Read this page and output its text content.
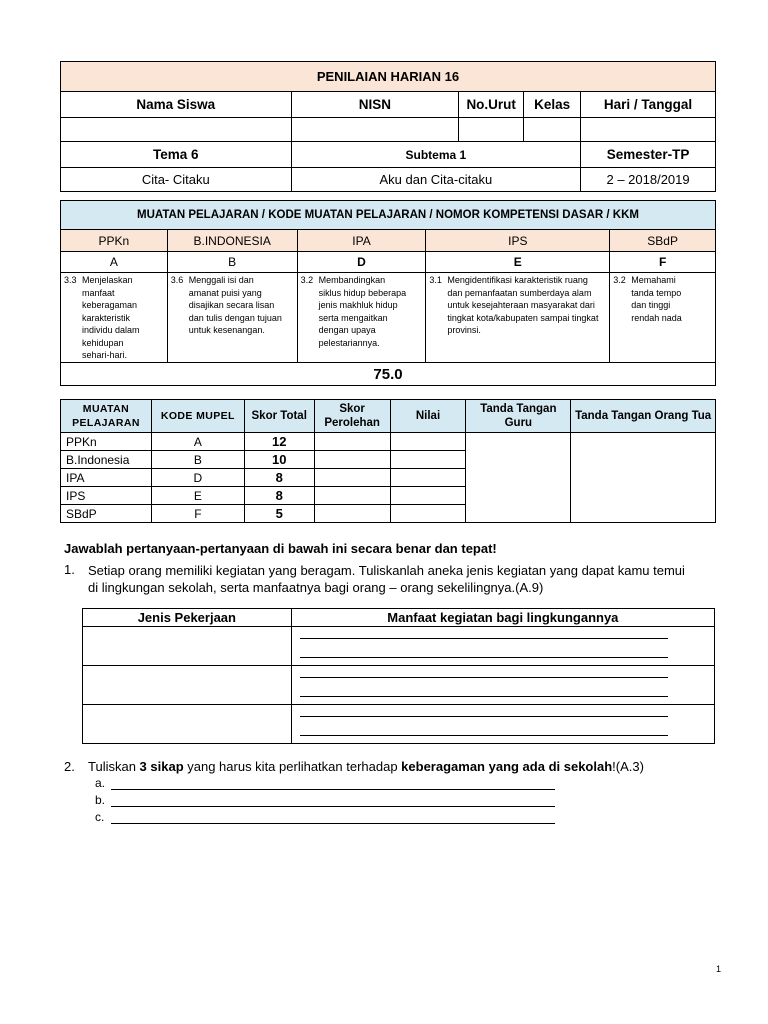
PENILAIAN HARIAN 16				
Nama Siswa	NISN	No.Urut	Kelas	Hari / Tanggal

Tema 6	Subtema 1			Semester-TP
Cita- Citaku	Aku dan Cita-citaku			2 – 2018/2019
MUATAN PELAJARAN / KODE MUATAN PELAJARAN / NOMOR KOMPETENSI DASAR / KKM				
PPKn	B.INDONESIA	IPA	IPS	SBdP
A	B	D	E	F

3.3 Menjelaskan manfaat keberagaman karakteristik individu dalam kehidupan sehari-hari.	3.6 Menggali isi dan amanat puisi yang disajikan secara lisan dan tulis dengan tujuan untuk kesenangan.	3.2 Membandingkan siklus hidup beberapa jenis makhluk hidup serta mengaitkan dengan upaya pelestariannya.	3.1 Mengidentifikasi karakteristik ruang dan pemanfaatan sumberdaya alam untuk kesejahteraan masyarakat dari tingkat kota/kabupaten sampai tingkat provinsi.	3.2 Memahami tanda tempo dan tinggi rendah nada

75.0				
MUATAN PELAJARAN	KODE MUPEL	Skor Total	Skor Perolehan	Nilai	Tanda Tangan Guru	Tanda Tangan Orang Tua
PPKn	A	12				
B.Indonesia	B	10				
IPA	D	8				
IPS	E	8				
SBdP	F	5				
Jawablah pertanyaan-pertanyaan di bawah ini secara benar dan tepat!
1. Setiap orang memiliki kegiatan yang beragam. Tuliskanlah aneka jenis kegiatan yang dapat kamu temui di lingkungan sekolah, serta manfaatnya bagi orang – orang sekelilingnya.(A.9)
Jenis Pekerjaan	Manfaat kegiatan bagi lingkungannya

2. Tuliskan 3 sikap yang harus kita perlihatkan terhadap keberagaman yang ada di sekolah!(A.3)
a.
b.
c.
1
